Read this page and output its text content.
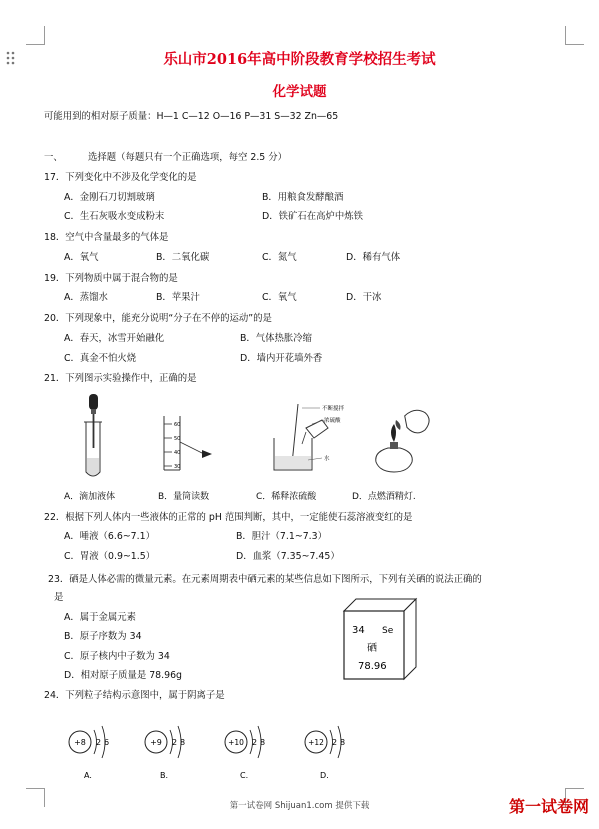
乐山市2016年高中阶段教育学校招生考试
化学试题
可能用到的相对原子质量：H—1 C—12 O—16 P—31 S—32 Zn—65
一、	选择题（每题只有一个正确选项，每空 2.5 分）
17．下列变化中不涉及化学变化的是
A．金刚石刀切割玻璃	B．用粮食发酵酿酒
C．生石灰吸水变成粉末	D．铁矿石在高炉中炼铁
18．空气中含量最多的气体是
A．氧气	B．二氧化碳	C．氮气	D．稀有气体
19．下列物质中属于混合物的是
A．蒸馏水	B．苹果汁	C．氧气	D．干冰
20．下列现象中，能充分说明“分子在不停的运动”的是
A．春天，冰雪开始融化	B．气体热胀冷缩
C．真金不怕火烧	D．墙内开花墙外香
21．下列图示实验操作中，正确的是
60
50
40
30
不断搅拌
浓硫酸
水
A．滴加液体	B．量筒读数	C．稀释浓硫酸	D．点燃酒精灯.
22．根据下列人体内一些液体的正常的 pH 范围判断，其中，一定能使石蕊溶液变红的是
A．唾液（6.6~7.1）	B．胆汁（7.1~7.3）
C．胃液（0.9~1.5）	D．血浆（7.35~7.45）
23．硒是人体必需的微量元素。在元素周期表中硒元素的某些信息如下图所示，下列有关硒的说法正确的
是
A．属于金属元素
B．原子序数为 34
C．原子核内中子数为 34
D．相对原子质量是 78.96g
34 Se
硒
78.96
24．下列粒子结构示意图中，属于阴离子是
+8 2 6
A.
+9 2 8
B.
+10 2 8
C.
+12 2 8
D.
第一试卷网 Shijuan1.com 提供下载	第一试卷网
